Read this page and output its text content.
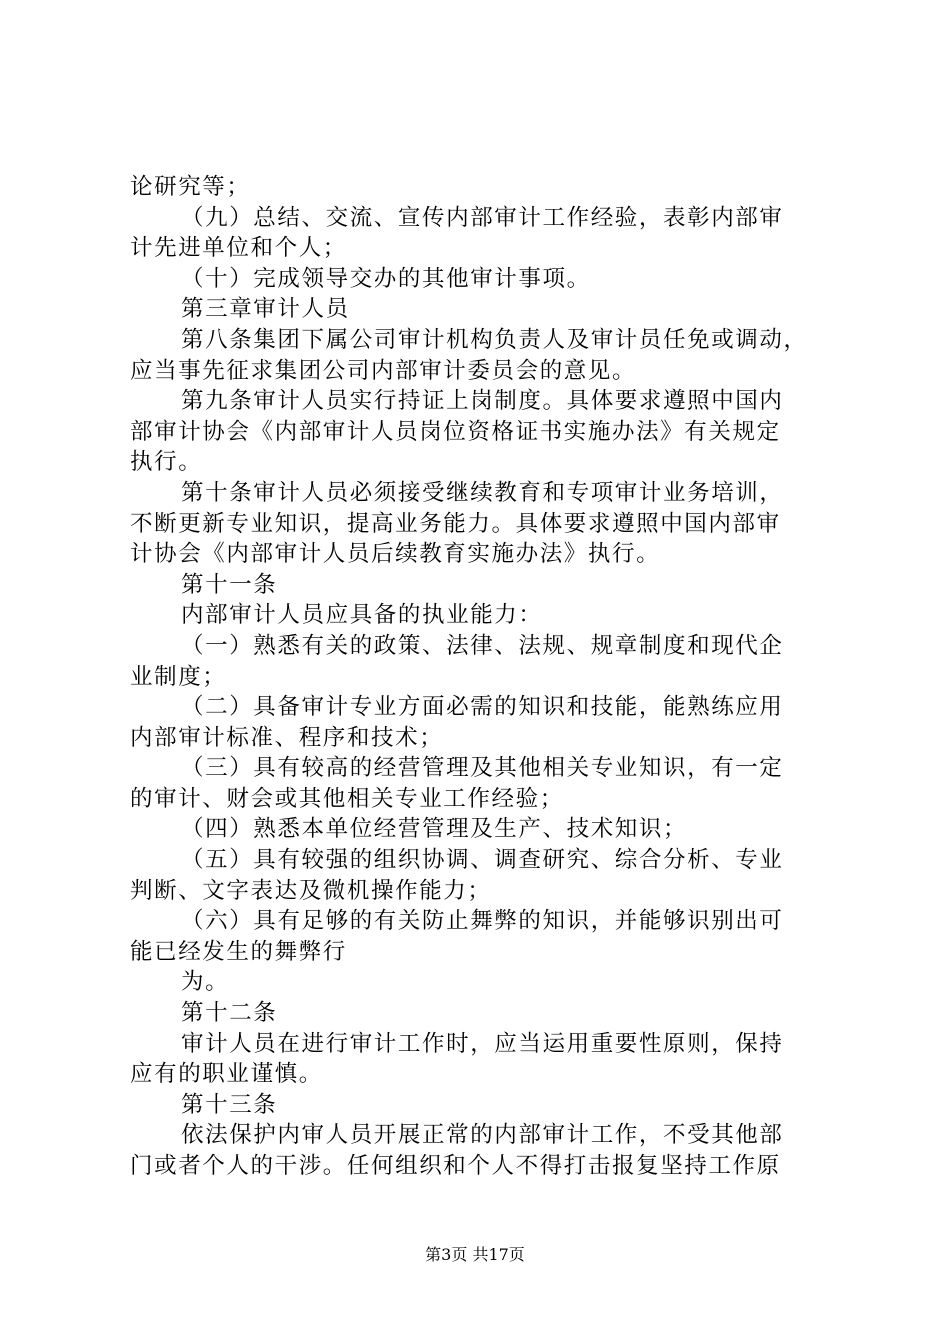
论研究等；
（九）总结、交流、宣传内部审计工作经验，表彰内部审
计先进单位和个人；
（十）完成领导交办的其他审计事项。
第三章审计人员
第八条集团下属公司审计机构负责人及审计员任免或调动，
应当事先征求集团公司内部审计委员会的意见。
第九条审计人员实行持证上岗制度。具体要求遵照中国内
部审计协会《内部审计人员岗位资格证书实施办法》有关规定
执行。
第十条审计人员必须接受继续教育和专项审计业务培训，
不断更新专业知识，提高业务能力。具体要求遵照中国内部审
计协会《内部审计人员后续教育实施办法》执行。
第十一条
内部审计人员应具备的执业能力：
（一）熟悉有关的政策、法律、法规、规章制度和现代企
业制度；
（二）具备审计专业方面必需的知识和技能，能熟练应用
内部审计标准、程序和技术；
（三）具有较高的经营管理及其他相关专业知识，有一定
的审计、财会或其他相关专业工作经验；
（四）熟悉本单位经营管理及生产、技术知识；
（五）具有较强的组织协调、调查研究、综合分析、专业
判断、文字表达及微机操作能力；
（六）具有足够的有关防止舞弊的知识，并能够识别出可
能已经发生的舞弊行
为。
第十二条
审计人员在进行审计工作时，应当运用重要性原则，保持
应有的职业谨慎。
第十三条
依法保护内审人员开展正常的内部审计工作，不受其他部
门或者个人的干涉。任何组织和个人不得打击报复坚持工作原
第3页 共17页
